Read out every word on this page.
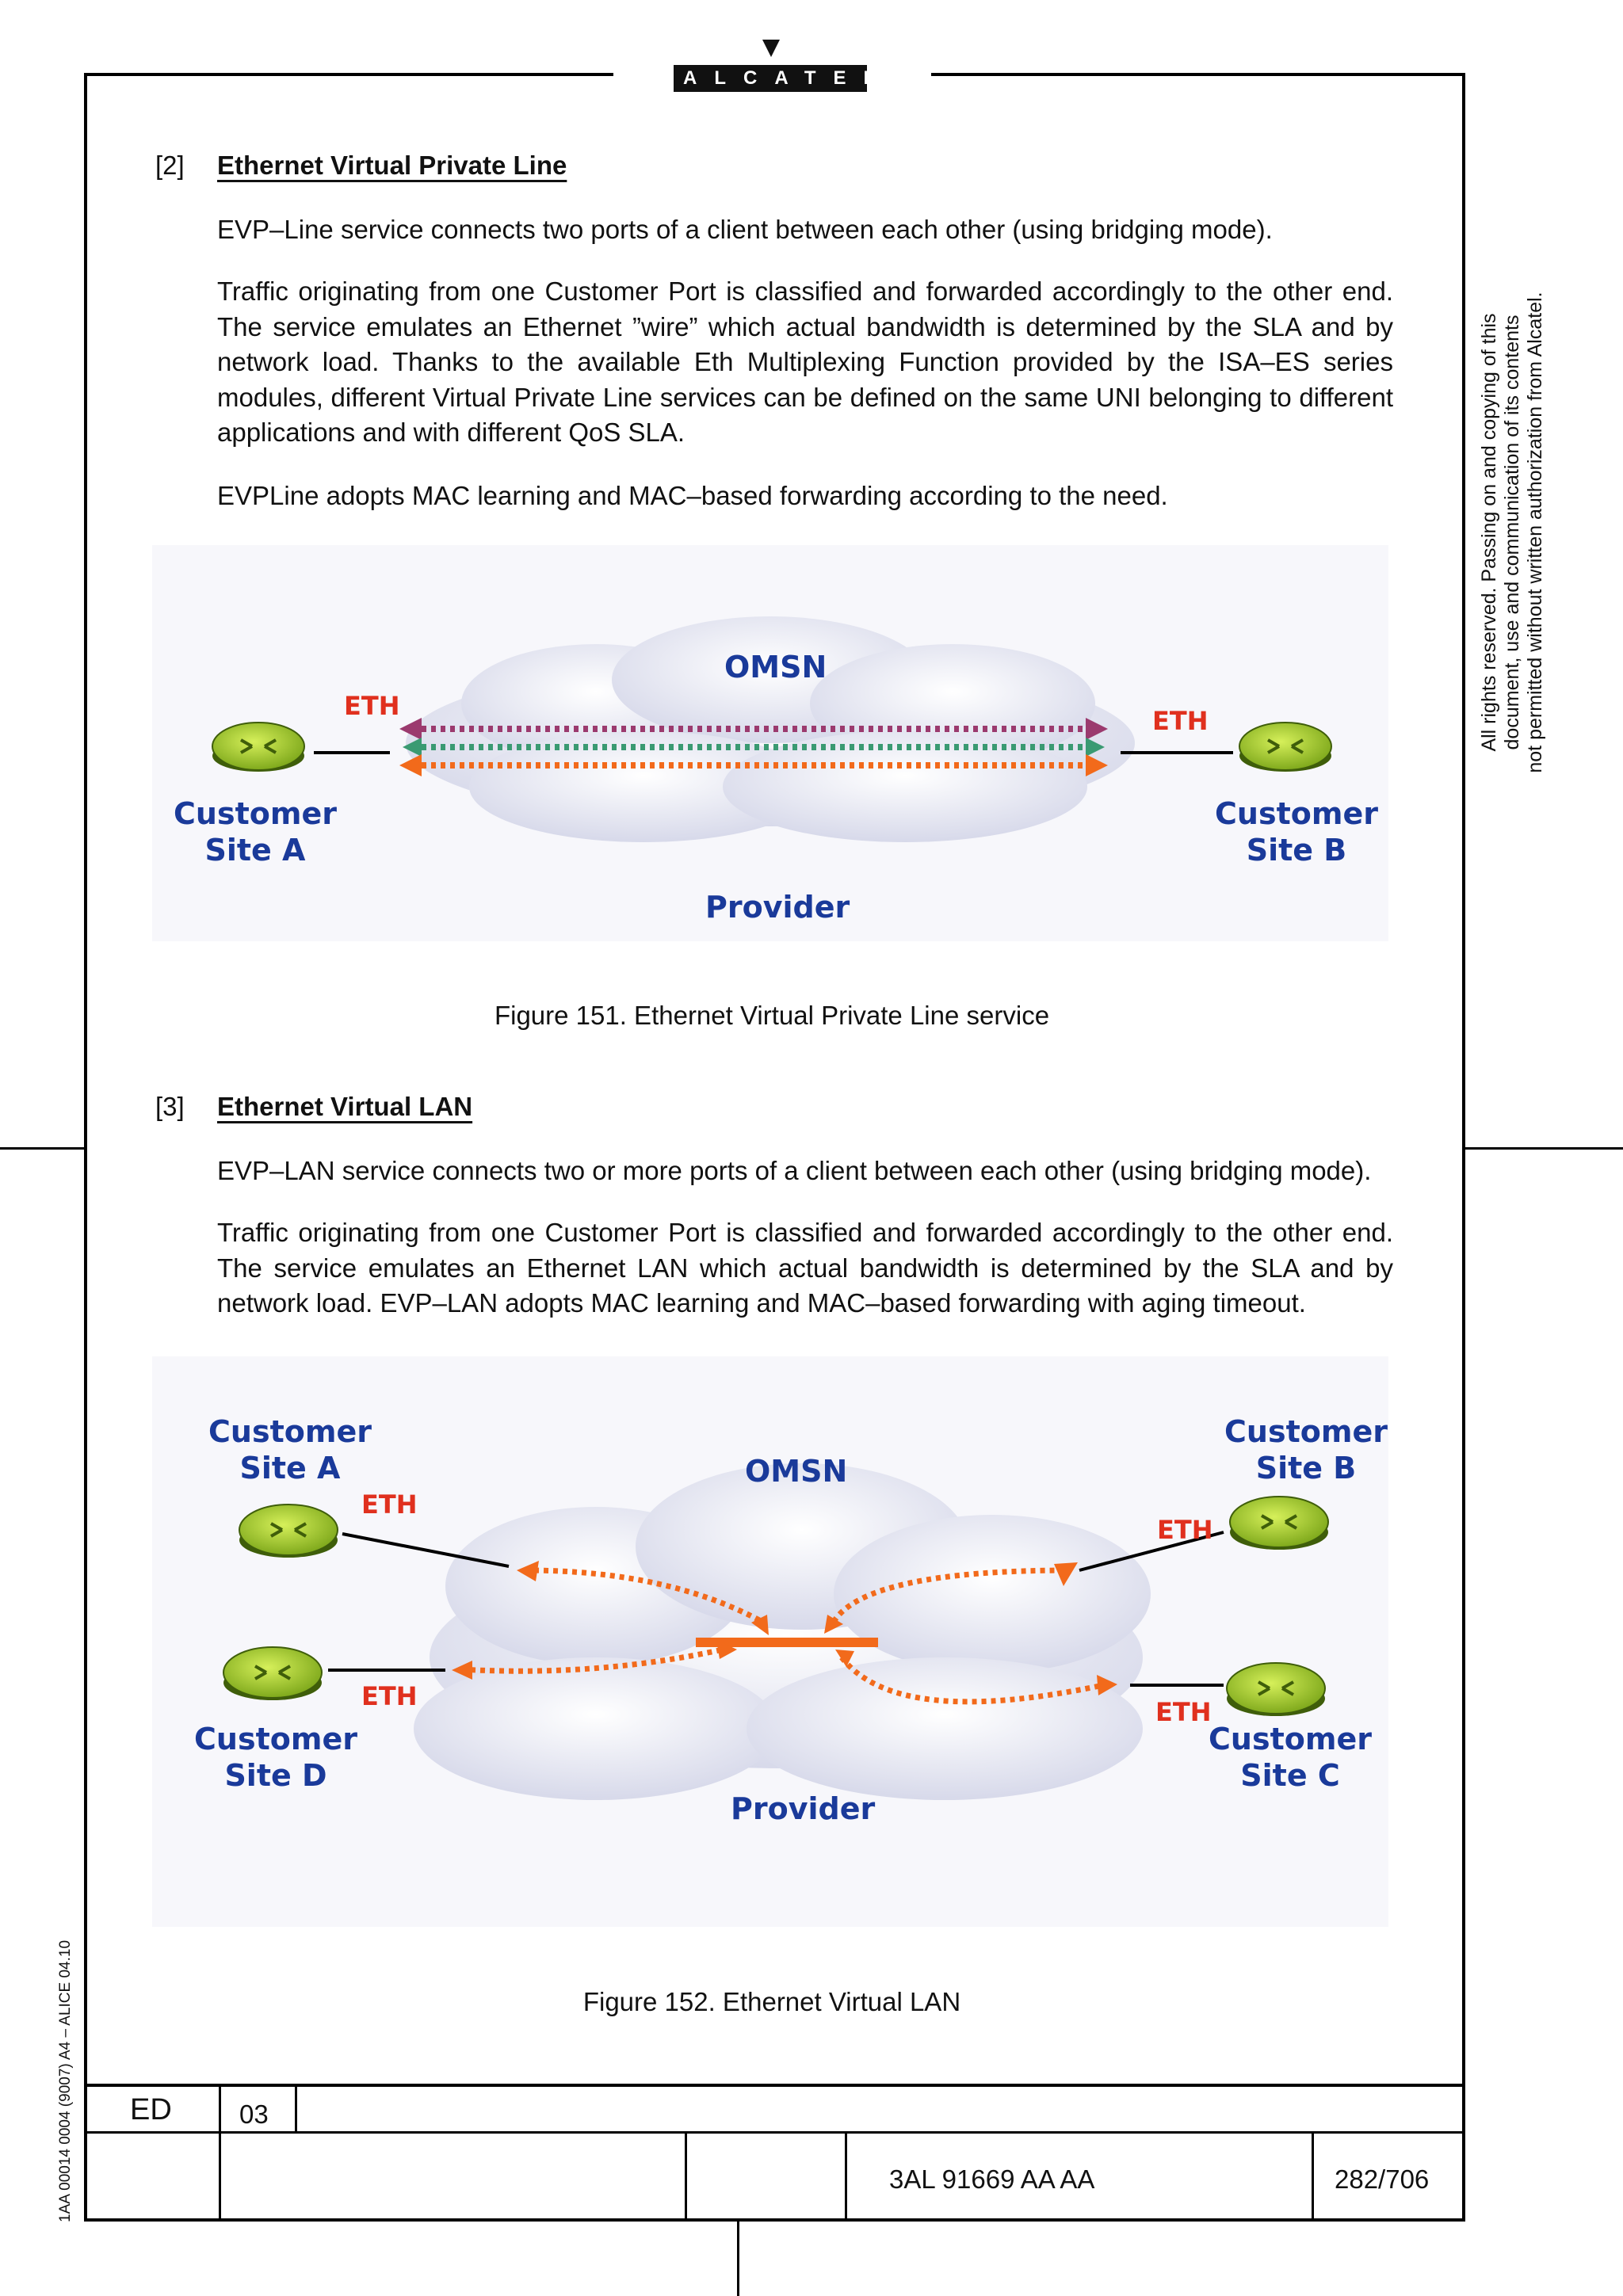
ALCATEL
[2] Ethernet Virtual Private Line

EVP–Line service connects two ports of a client between each other (using bridging mode).

Traffic originating from one Customer Port is classified and forwarded accordingly to the other end. The service emulates an Ethernet ”wire” which actual bandwidth is determined by the SLA and by network load. Thanks to the available Eth Multiplexing Function provided by the ISA–ES series modules, different Virtual Private Line services can be defined on the same UNI belonging to different applications and with different QoS SLA.

EVPLine adopts MAC learning and MAC–based forwarding according to the need.

OMSN
Provider
ETH	ETH
Customer
Site A
Customer
Site B
Figure 151. Ethernet Virtual Private Line service
[3] Ethernet Virtual LAN

EVP–LAN service connects two or more ports of a client between each other (using bridging mode).

Traffic originating from one Customer Port is classified and forwarded accordingly to the other end. The service emulates an Ethernet LAN which actual bandwidth is determined by the SLA and by network load. EVP–LAN adopts MAC learning and MAC–based forwarding with aging timeout.

OMSN
Provider
ETH
ETH
ETH
ETH
Customer
Site A
Customer
Site B
Customer
Site C
Customer
Site D
Figure 152. Ethernet Virtual LAN
All rights reserved. Passing on and copying of this document, use and communication of its contents not permitted without written authorization from Alcatel.
1AA 00014 0004 (9007) A4 – ALICE 04.10 ED	03
3AL 91669 AA AA	282/706
